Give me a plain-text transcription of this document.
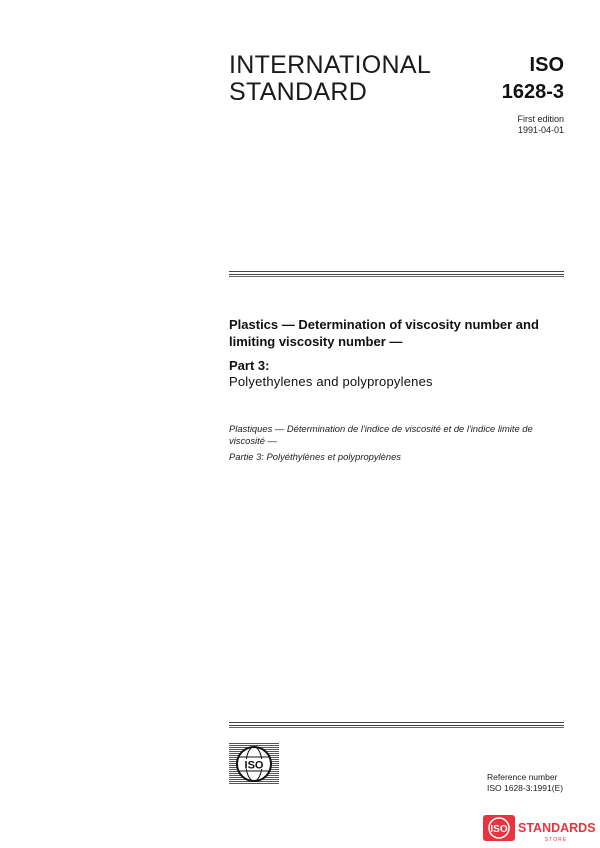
INTERNATIONAL
STANDARD
ISO
1628-3
First edition
1991-04-01
Plastics — Determination of viscosity number and limiting viscosity number —
Part 3:
Polyethylenes and polypropylenes
Plastiques — Détermination de l'indice de viscosité et de l'indice limite de viscosité —
Partie 3: Polyéthylènes et polypropylènes
ISO
Reference number
ISO 1628-3:1991(E)
ISO STANDARDS
STORE
